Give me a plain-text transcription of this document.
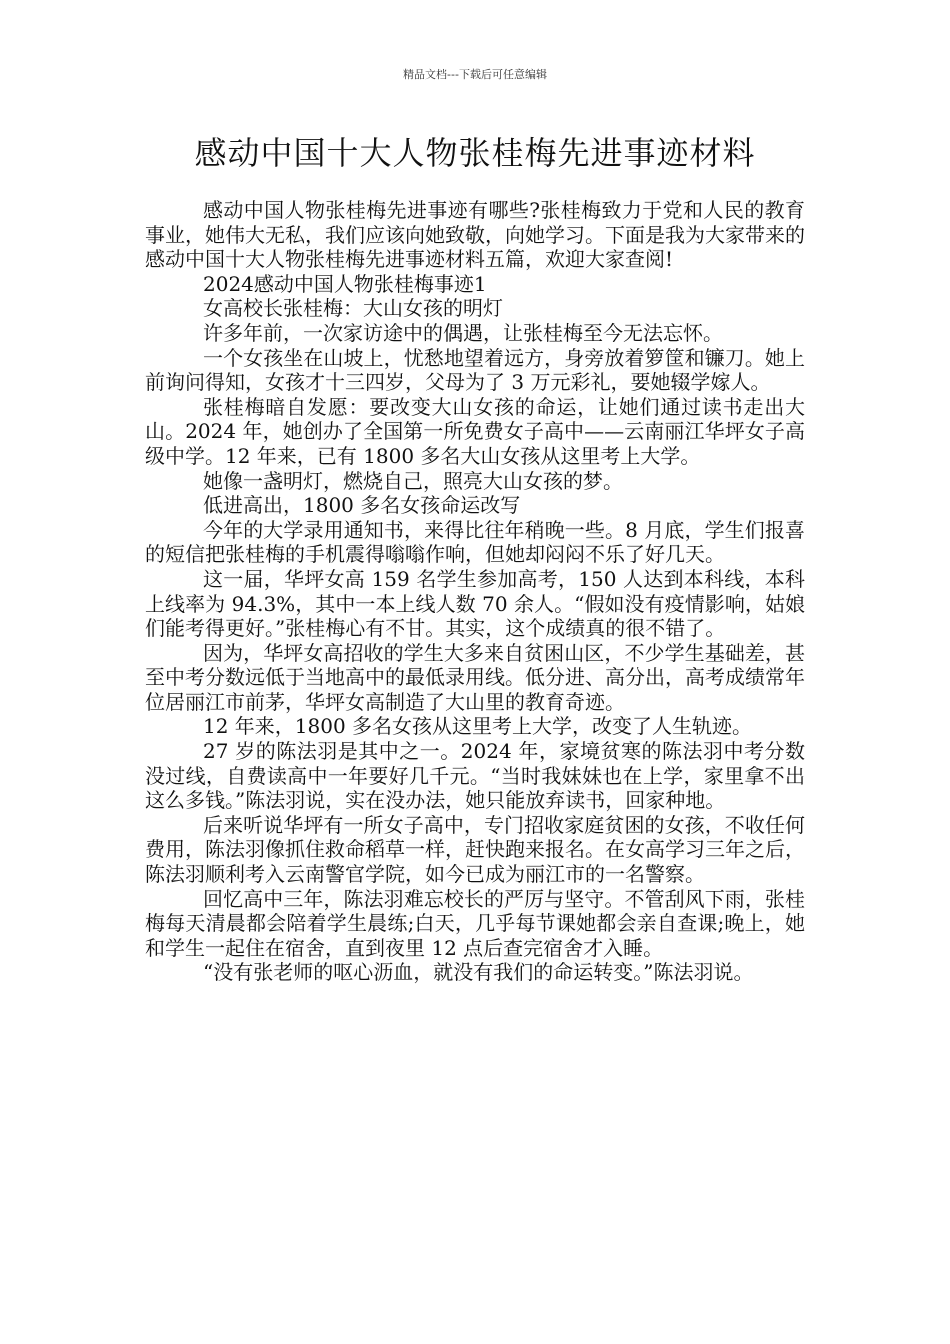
精品文档---下载后可任意编辑
感动中国十大人物张桂梅先进事迹材料

感动中国人物张桂梅先进事迹有哪些?张桂梅致力于党和人民的教育事业，她伟大无私，我们应该向她致敬，向她学习。下面是我为大家带来的感动中国十大人物张桂梅先进事迹材料五篇，欢迎大家查阅!

2024感动中国人物张桂梅事迹1

女高校长张桂梅：大山女孩的明灯

许多年前，一次家访途中的偶遇，让张桂梅至今无法忘怀。

一个女孩坐在山坡上，忧愁地望着远方，身旁放着箩筐和镰刀。她上前询问得知，女孩才十三四岁，父母为了 3 万元彩礼，要她辍学嫁人。

张桂梅暗自发愿：要改变大山女孩的命运，让她们通过读书走出大山。2024 年，她创办了全国第一所免费女子高中——云南丽江华坪女子高级中学。12 年来，已有 1800 多名大山女孩从这里考上大学。

她像一盏明灯，燃烧自己，照亮大山女孩的梦。

低进高出，1800 多名女孩命运改写

今年的大学录用通知书，来得比往年稍晚一些。8 月底，学生们报喜的短信把张桂梅的手机震得嗡嗡作响，但她却闷闷不乐了好几天。

这一届，华坪女高 159 名学生参加高考，150 人达到本科线，本科上线率为 94.3%，其中一本上线人数 70 余人。“假如没有疫情影响，姑娘们能考得更好。”张桂梅心有不甘。其实，这个成绩真的很不错了。

因为，华坪女高招收的学生大多来自贫困山区，不少学生基础差，甚至中考分数远低于当地高中的最低录用线。低分进、高分出，高考成绩常年位居丽江市前茅，华坪女高制造了大山里的教育奇迹。

12 年来，1800 多名女孩从这里考上大学，改变了人生轨迹。

27 岁的陈法羽是其中之一。2024 年，家境贫寒的陈法羽中考分数没过线，自费读高中一年要好几千元。“当时我妹妹也在上学，家里拿不出这么多钱。”陈法羽说，实在没办法，她只能放弃读书，回家种地。

后来听说华坪有一所女子高中，专门招收家庭贫困的女孩，不收任何费用，陈法羽像抓住救命稻草一样，赶快跑来报名。在女高学习三年之后，陈法羽顺利考入云南警官学院，如今已成为丽江市的一名警察。

回忆高中三年，陈法羽难忘校长的严厉与坚守。不管刮风下雨，张桂梅每天清晨都会陪着学生晨练;白天，几乎每节课她都会亲自查课;晚上，她和学生一起住在宿舍，直到夜里 12 点后查完宿舍才入睡。

“没有张老师的呕心沥血，就没有我们的命运转变。”陈法羽说。
